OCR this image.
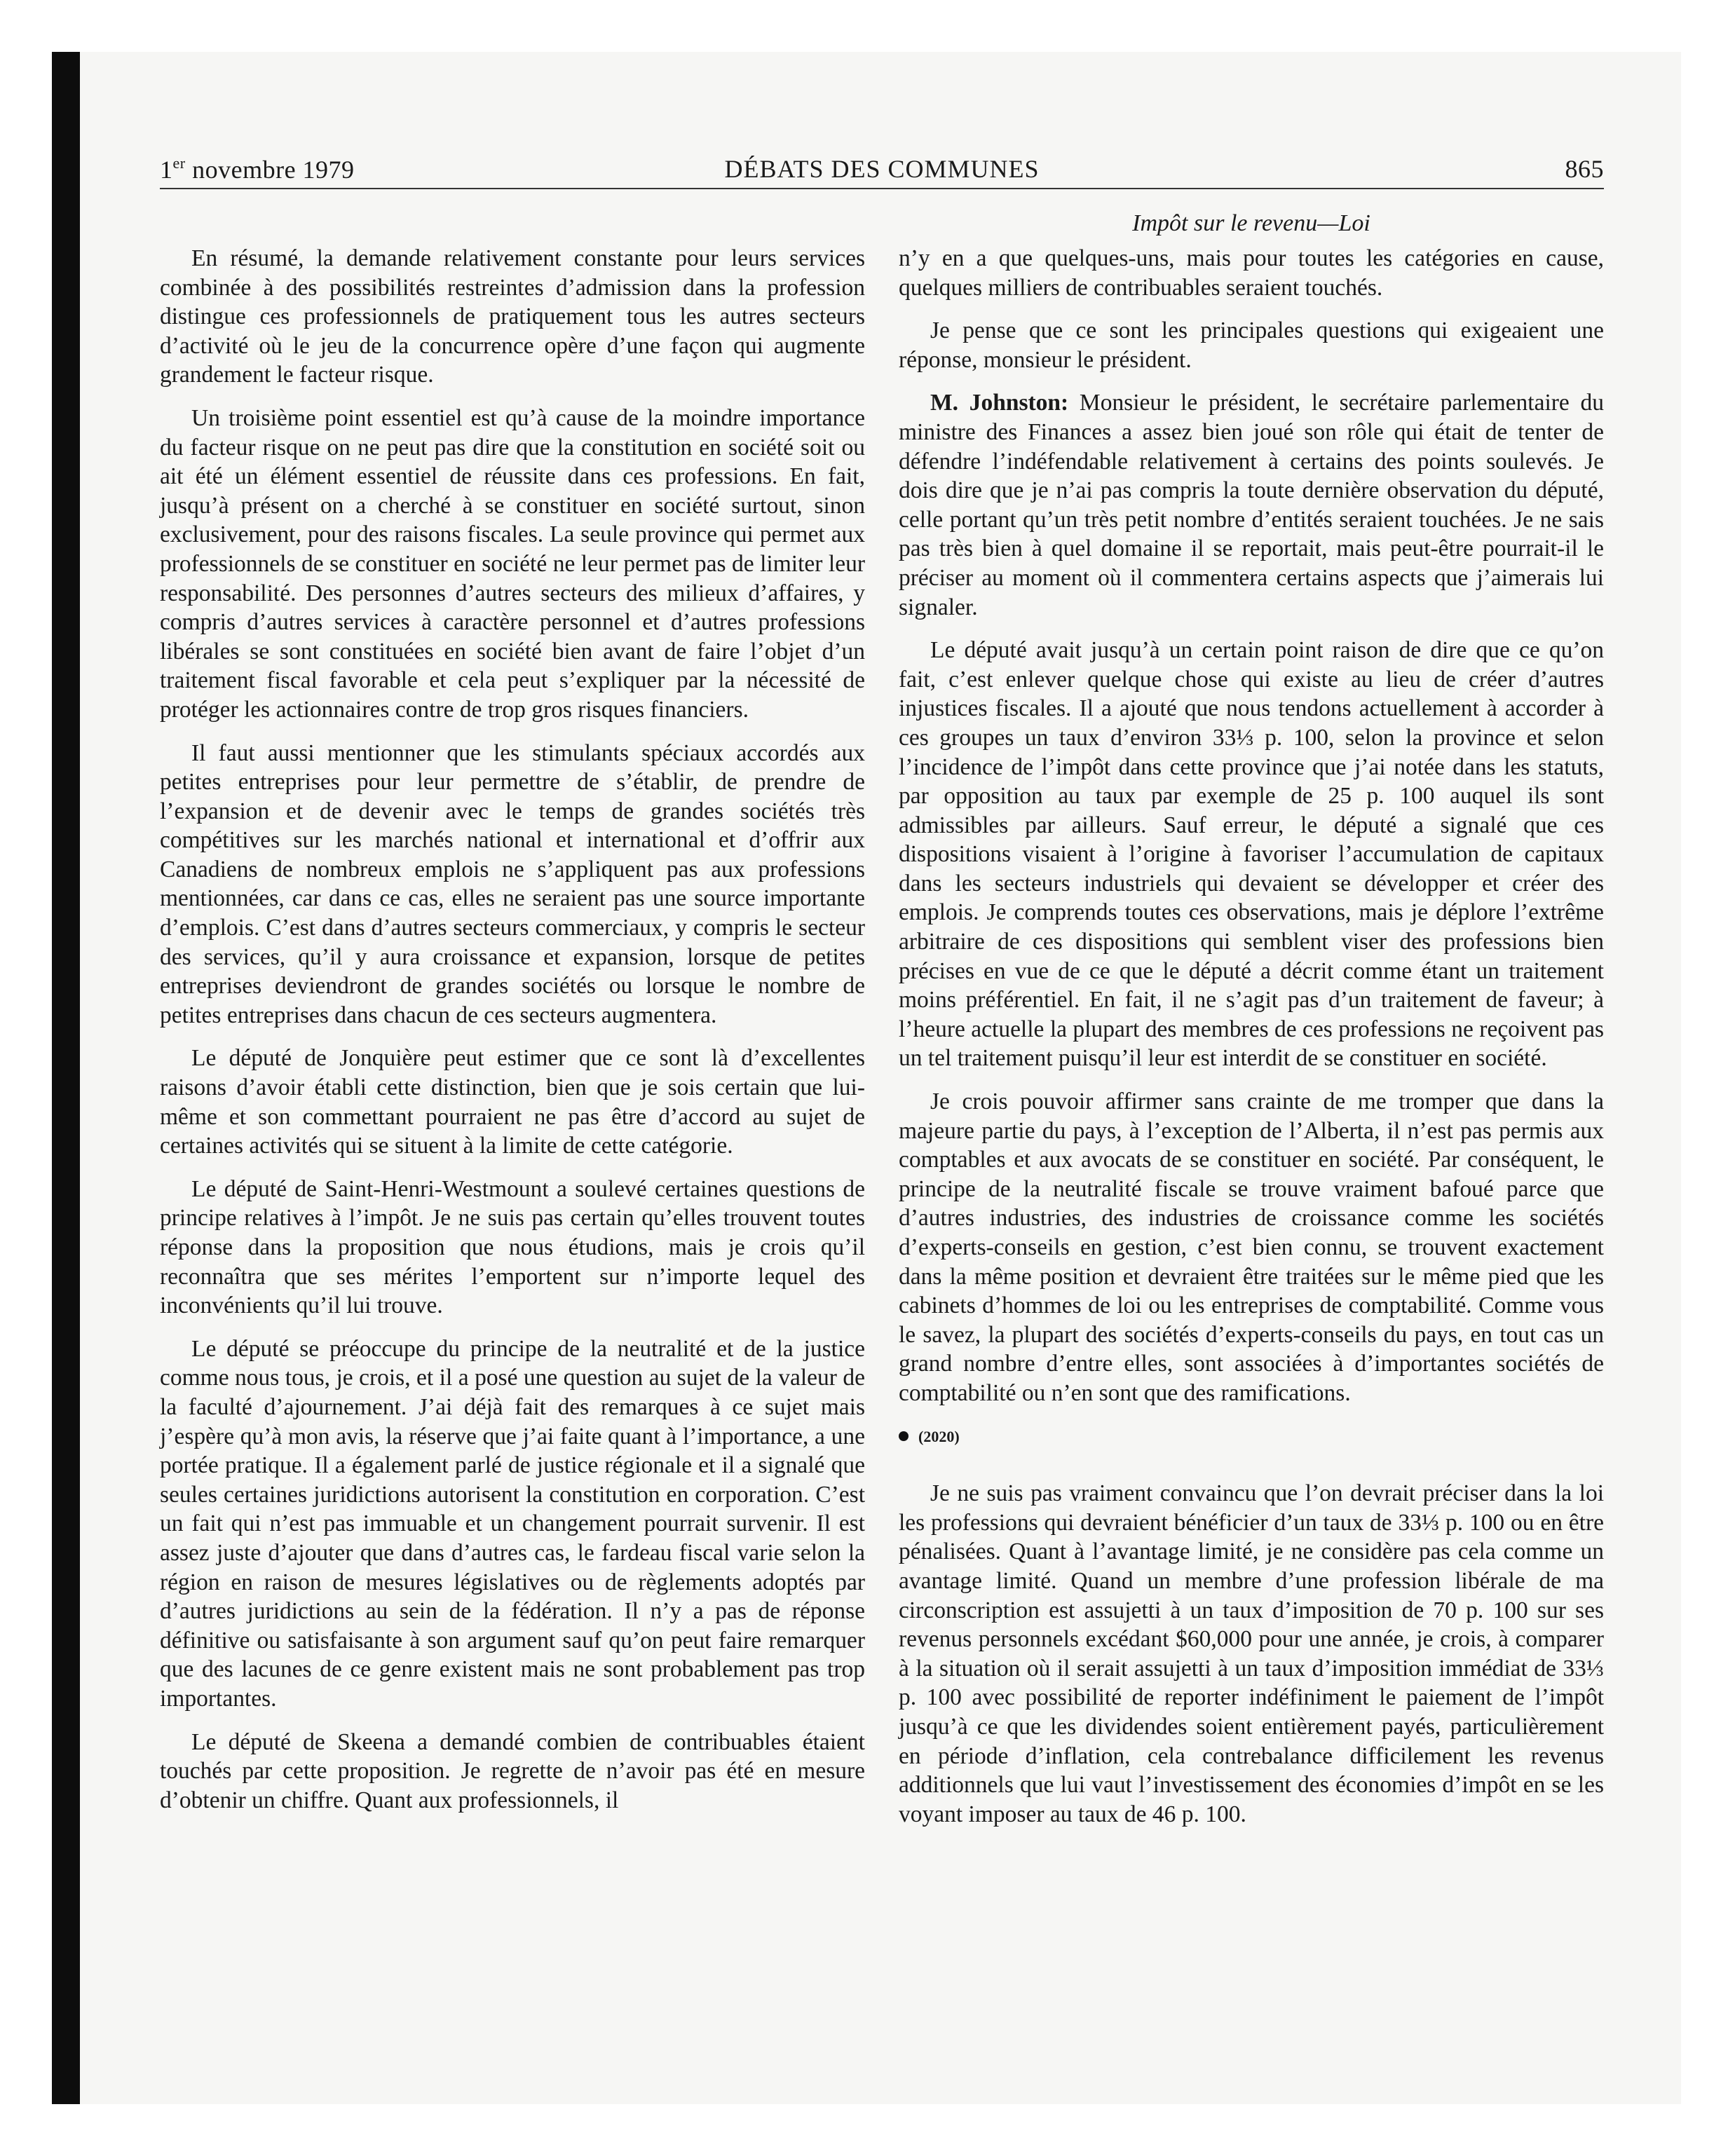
1er novembre 1979	DÉBATS DES COMMUNES	865
Impôt sur le revenu—Loi

En résumé, la demande relativement constante pour leurs services combinée à des possibilités restreintes d’admission dans la profession distingue ces professionnels de pratiquement tous les autres secteurs d’activité où le jeu de la concurrence opère d’une façon qui augmente grandement le facteur risque.

Un troisième point essentiel est qu’à cause de la moindre importance du facteur risque on ne peut pas dire que la constitution en société soit ou ait été un élément essentiel de réussite dans ces professions. En fait, jusqu’à présent on a cherché à se constituer en société surtout, sinon exclusivement, pour des raisons fiscales. La seule province qui permet aux professionnels de se constituer en société ne leur permet pas de limiter leur responsabilité. Des personnes d’autres secteurs des milieux d’affaires, y compris d’autres services à caractère personnel et d’autres professions libérales se sont constituées en société bien avant de faire l’objet d’un traitement fiscal favorable et cela peut s’expliquer par la nécessité de protéger les actionnaires contre de trop gros risques financiers.

Il faut aussi mentionner que les stimulants spéciaux accordés aux petites entreprises pour leur permettre de s’établir, de prendre de l’expansion et de devenir avec le temps de grandes sociétés très compétitives sur les marchés national et international et d’offrir aux Canadiens de nombreux emplois ne s’appliquent pas aux professions mentionnées, car dans ce cas, elles ne seraient pas une source importante d’emplois. C’est dans d’autres secteurs commerciaux, y compris le secteur des services, qu’il y aura croissance et expansion, lorsque de petites entreprises deviendront de grandes sociétés ou lorsque le nombre de petites entreprises dans chacun de ces secteurs augmentera.

Le député de Jonquière peut estimer que ce sont là d’excellentes raisons d’avoir établi cette distinction, bien que je sois certain que lui-même et son commettant pourraient ne pas être d’accord au sujet de certaines activités qui se situent à la limite de cette catégorie.

Le député de Saint-Henri-Westmount a soulevé certaines questions de principe relatives à l’impôt. Je ne suis pas certain qu’elles trouvent toutes réponse dans la proposition que nous étudions, mais je crois qu’il reconnaîtra que ses mérites l’emportent sur n’importe lequel des inconvénients qu’il lui trouve.

Le député se préoccupe du principe de la neutralité et de la justice comme nous tous, je crois, et il a posé une question au sujet de la valeur de la faculté d’ajournement. J’ai déjà fait des remarques à ce sujet mais j’espère qu’à mon avis, la réserve que j’ai faite quant à l’importance, a une portée pratique. Il a également parlé de justice régionale et il a signalé que seules certaines juridictions autorisent la constitution en corporation. C’est un fait qui n’est pas immuable et un changement pourrait survenir. Il est assez juste d’ajouter que dans d’autres cas, le fardeau fiscal varie selon la région en raison de mesures législatives ou de règlements adoptés par d’autres juridictions au sein de la fédération. Il n’y a pas de réponse définitive ou satisfaisante à son argument sauf qu’on peut faire remarquer que des lacunes de ce genre existent mais ne sont probablement pas trop importantes.

Le député de Skeena a demandé combien de contribuables étaient touchés par cette proposition. Je regrette de n’avoir pas été en mesure d’obtenir un chiffre. Quant aux professionnels, il

n’y en a que quelques-uns, mais pour toutes les catégories en cause, quelques milliers de contribuables seraient touchés.

Je pense que ce sont les principales questions qui exigeaient une réponse, monsieur le président.

M. Johnston: Monsieur le président, le secrétaire parlementaire du ministre des Finances a assez bien joué son rôle qui était de tenter de défendre l’indéfendable relativement à certains des points soulevés. Je dois dire que je n’ai pas compris la toute dernière observation du député, celle portant qu’un très petit nombre d’entités seraient touchées. Je ne sais pas très bien à quel domaine il se reportait, mais peut-être pourrait-il le préciser au moment où il commentera certains aspects que j’aimerais lui signaler.

Le député avait jusqu’à un certain point raison de dire que ce qu’on fait, c’est enlever quelque chose qui existe au lieu de créer d’autres injustices fiscales. Il a ajouté que nous tendons actuellement à accorder à ces groupes un taux d’environ 33⅓ p. 100, selon la province et selon l’incidence de l’impôt dans cette province que j’ai notée dans les statuts, par opposition au taux par exemple de 25 p. 100 auquel ils sont admissibles par ailleurs. Sauf erreur, le député a signalé que ces dispositions visaient à l’origine à favoriser l’accumulation de capitaux dans les secteurs industriels qui devaient se développer et créer des emplois. Je comprends toutes ces observations, mais je déplore l’extrême arbitraire de ces dispositions qui semblent viser des professions bien précises en vue de ce que le député a décrit comme étant un traitement moins préférentiel. En fait, il ne s’agit pas d’un traitement de faveur; à l’heure actuelle la plupart des membres de ces professions ne reçoivent pas un tel traitement puisqu’il leur est interdit de se constituer en société.

Je crois pouvoir affirmer sans crainte de me tromper que dans la majeure partie du pays, à l’exception de l’Alberta, il n’est pas permis aux comptables et aux avocats de se constituer en société. Par conséquent, le principe de la neutralité fiscale se trouve vraiment bafoué parce que d’autres industries, des industries de croissance comme les sociétés d’experts-conseils en gestion, c’est bien connu, se trouvent exactement dans la même position et devraient être traitées sur le même pied que les cabinets d’hommes de loi ou les entreprises de comptabilité. Comme vous le savez, la plupart des sociétés d’experts-conseils du pays, en tout cas un grand nombre d’entre elles, sont associées à d’importantes sociétés de comptabilité ou n’en sont que des ramifications.

(2020)

Je ne suis pas vraiment convaincu que l’on devrait préciser dans la loi les professions qui devraient bénéficier d’un taux de 33⅓ p. 100 ou en être pénalisées. Quant à l’avantage limité, je ne considère pas cela comme un avantage limité. Quand un membre d’une profession libérale de ma circonscription est assujetti à un taux d’imposition de 70 p. 100 sur ses revenus personnels excédant $60,000 pour une année, je crois, à comparer à la situation où il serait assujetti à un taux d’imposition immédiat de 33⅓ p. 100 avec possibilité de reporter indéfiniment le paiement de l’impôt jusqu’à ce que les dividendes soient entièrement payés, particulièrement en période d’inflation, cela contrebalance difficilement les revenus additionnels que lui vaut l’investissement des économies d’impôt en se les voyant imposer au taux de 46 p. 100.
